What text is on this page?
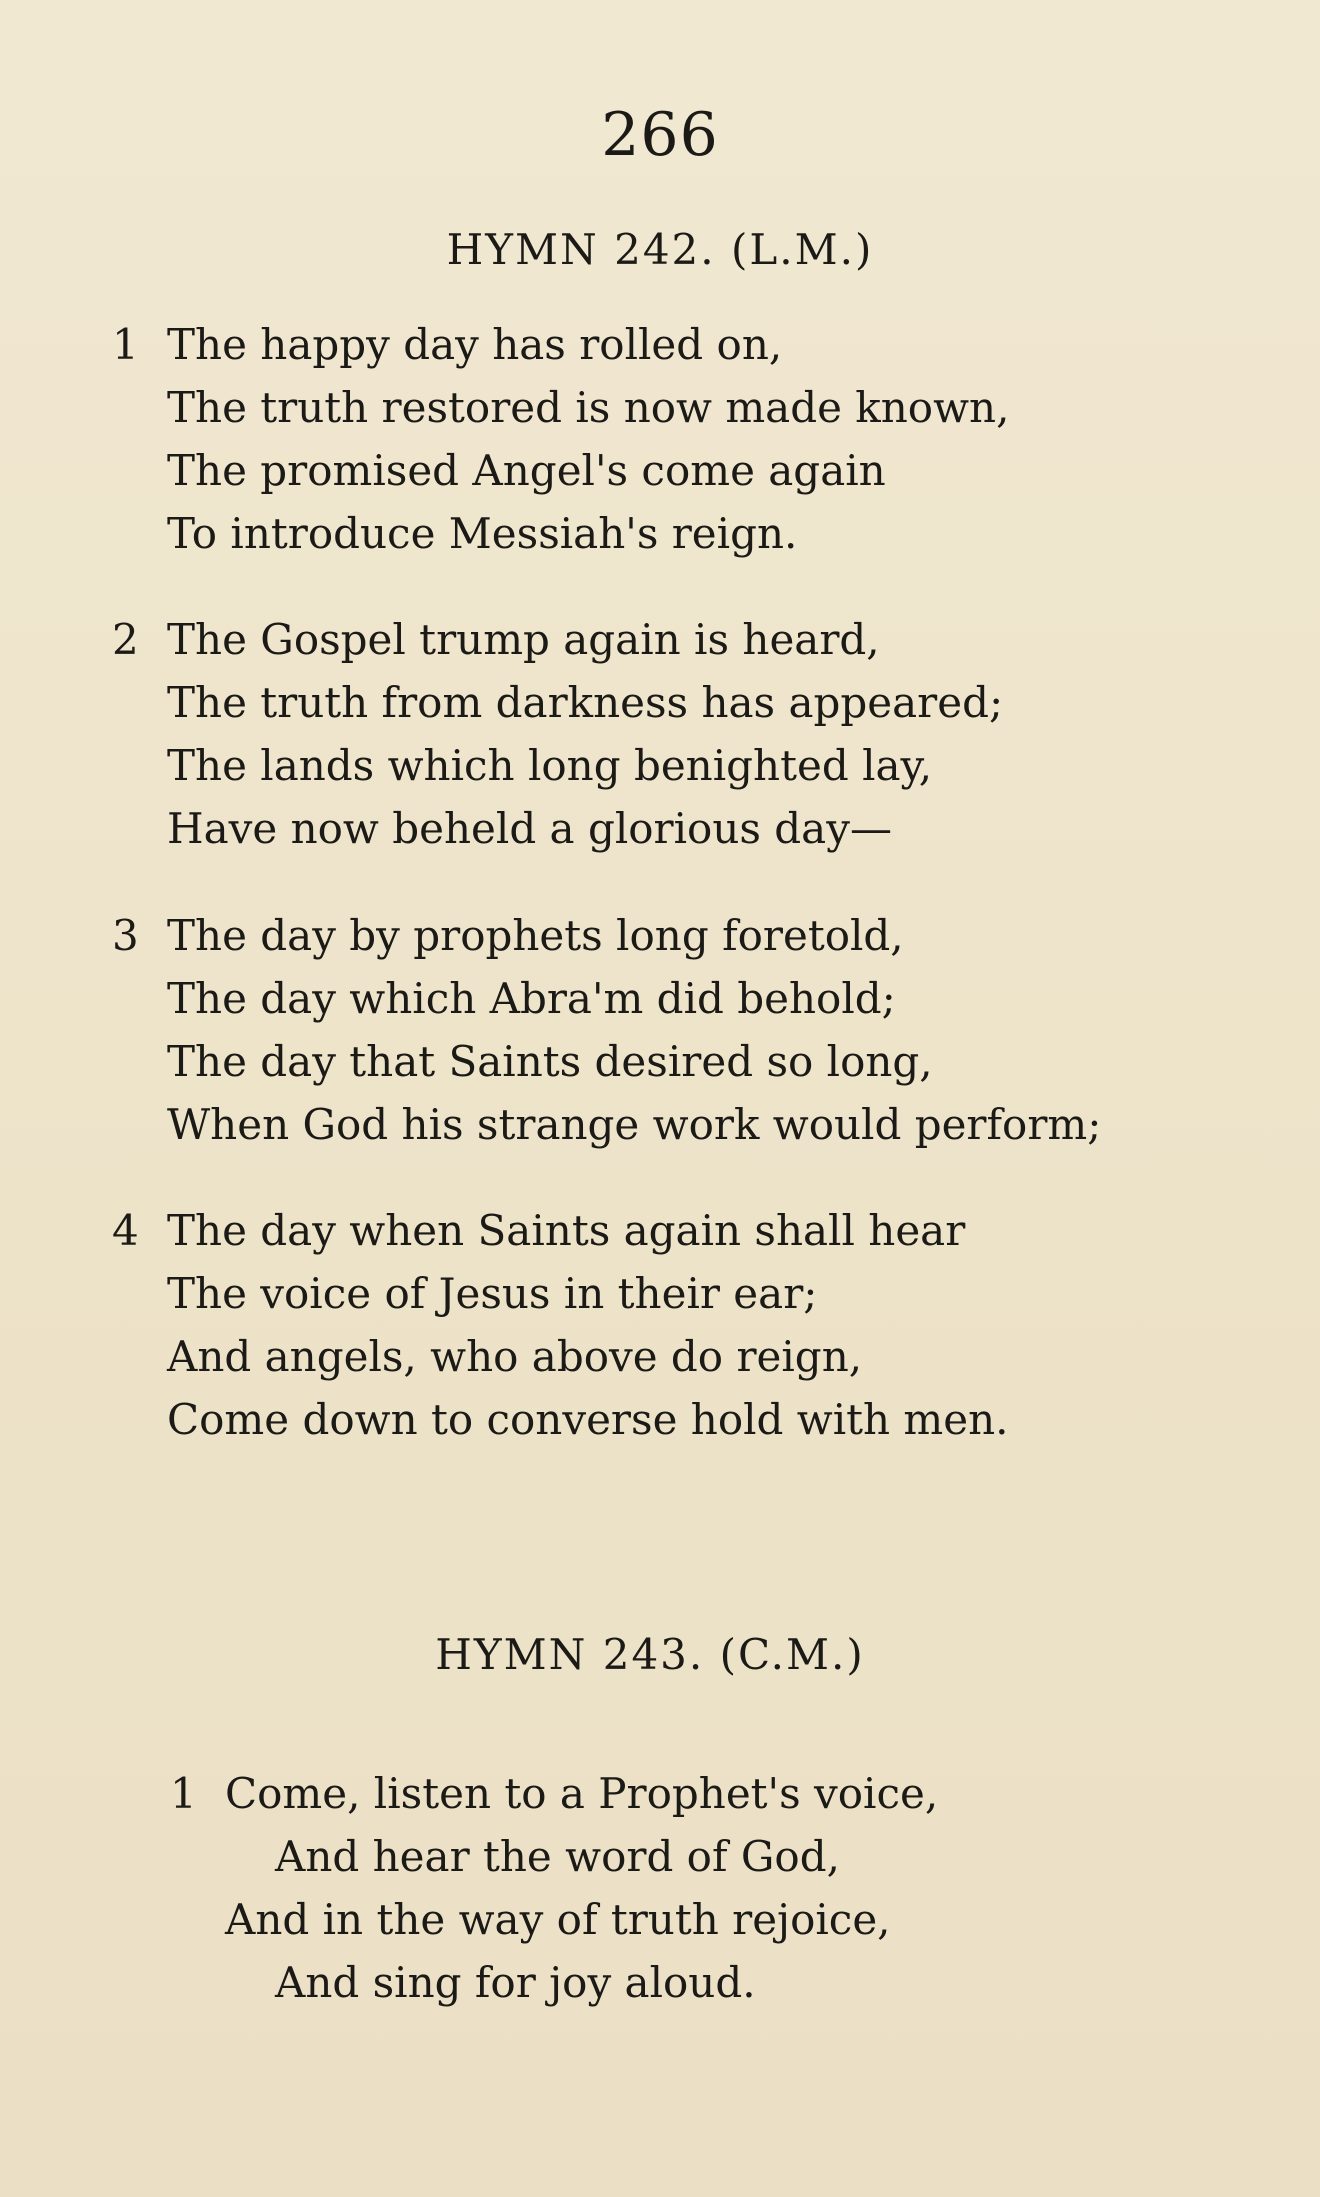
266
HYMN 242. (L.M.)
1 The happy day has rolled on,
The truth restored is now made known,
The promised Angel's come again
To introduce Messiah's reign.
2 The Gospel trump again is heard,
The truth from darkness has appeared;
The lands which long benighted lay,
Have now beheld a glorious day—
3 The day by prophets long foretold,
The day which Abra'm did behold;
The day that Saints desired so long,
When God his strange work would perform;
4 The day when Saints again shall hear
The voice of Jesus in their ear;
And angels, who above do reign,
Come down to converse hold with men.
HYMN 243. (C.M.)
1 Come, listen to a Prophet's voice,
And hear the word of God,
And in the way of truth rejoice,
And sing for joy aloud.
